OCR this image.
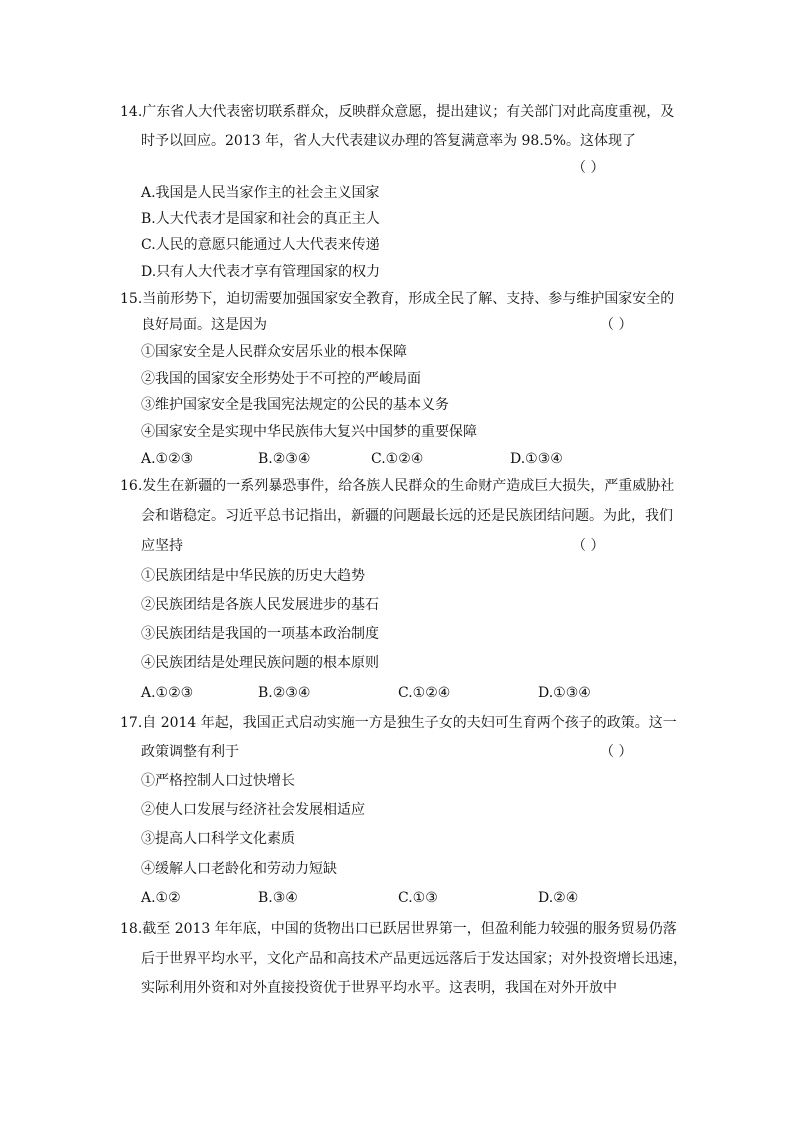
14.广东省人大代表密切联系群众，反映群众意愿，提出建议；有关部门对此高度重视，及
时予以回应。2013 年，省人大代表建议办理的答复满意率为 98.5%。这体现了
（ ）
A.我国是人民当家作主的社会主义国家
B.人大代表才是国家和社会的真正主人
C.人民的意愿只能通过人大代表来传递
D.只有人大代表才享有管理国家的权力
15.当前形势下，迫切需要加强国家安全教育，形成全民了解、支持、参与维护国家安全的
良好局面。这是因为	（ ）
①国家安全是人民群众安居乐业的根本保障
②我国的国家安全形势处于不可控的严峻局面
③维护国家安全是我国宪法规定的公民的基本义务
④国家安全是实现中华民族伟大复兴中国梦的重要保障
A.①②③	B.②③④	C.①②④	D.①③④
16.发生在新疆的一系列暴恐事件，给各族人民群众的生命财产造成巨大损失，严重威胁社
会和谐稳定。习近平总书记指出，新疆的问题最长远的还是民族团结问题。为此，我们
应坚持	（ ）
①民族团结是中华民族的历史大趋势
②民族团结是各族人民发展进步的基石
③民族团结是我国的一项基本政治制度
④民族团结是处理民族问题的根本原则
A.①②③	B.②③④	C.①②④	D.①③④
17.自 2014 年起，我国正式启动实施一方是独生子女的夫妇可生育两个孩子的政策。这一
政策调整有利于	（ ）
①严格控制人口过快增长
②使人口发展与经济社会发展相适应
③提高人口科学文化素质
④缓解人口老龄化和劳动力短缺
A.①②	B.③④	C.①③	D.②④
18.截至 2013 年年底，中国的货物出口已跃居世界第一，但盈利能力较强的服务贸易仍落
后于世界平均水平，文化产品和高技术产品更远远落后于发达国家；对外投资增长迅速，
实际利用外资和对外直接投资优于世界平均水平。这表明，我国在对外开放中
